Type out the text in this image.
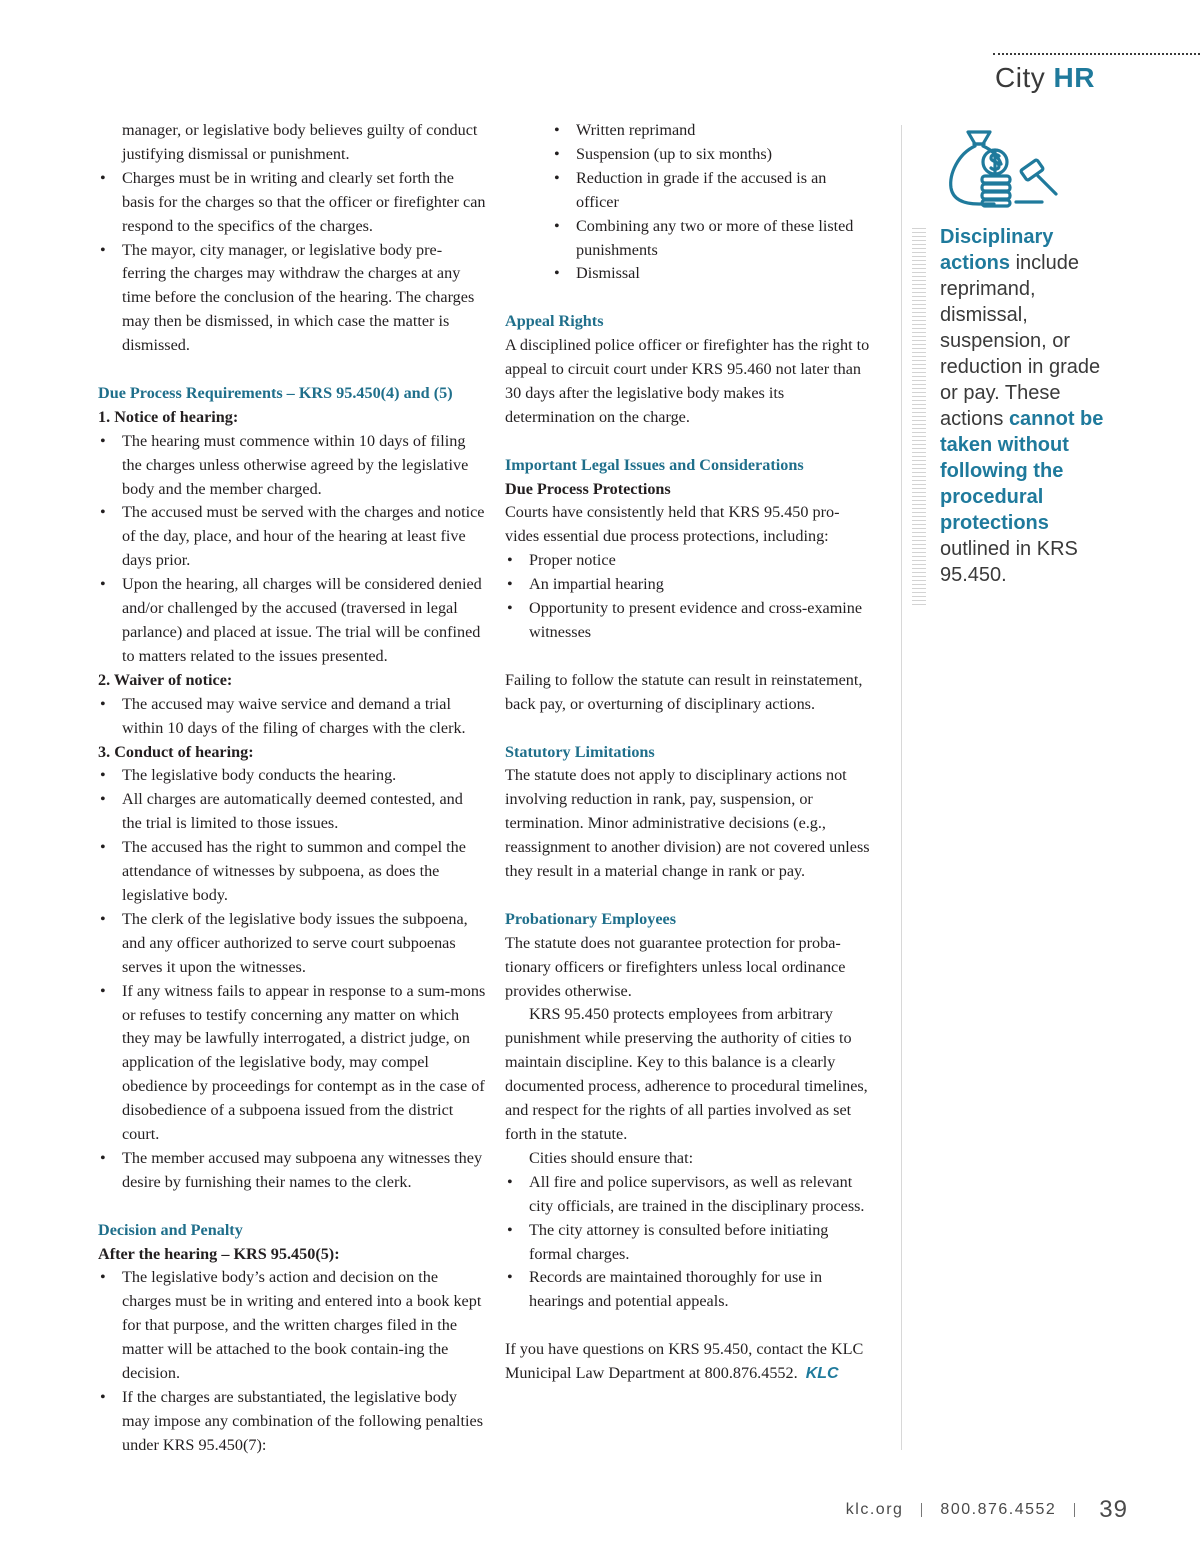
City HR

manager, or legislative body believes guilty of conduct justifying dismissal or punishment.

• Charges must be in writing and clearly set forth the basis for the charges so that the officer or firefighter can respond to the specifics of the charges.
• The mayor, city manager, or legislative body pre-ferring the charges may withdraw the charges at any time before the conclusion of the hearing. The charges may then be dismissed, in which case the matter is dismissed.

Due Process Requirements – KRS 95.450(4) and (5)

1. Notice of hearing:

• The hearing must commence within 10 days of filing the charges unless otherwise agreed by the legislative body and the member charged.
• The accused must be served with the charges and notice of the day, place, and hour of the hearing at least five days prior.
• Upon the hearing, all charges will be considered denied and/or challenged by the accused (traversed in legal parlance) and placed at issue. The trial will be confined to matters related to the issues presented.

2. Waiver of notice:

• The accused may waive service and demand a trial within 10 days of the filing of charges with the clerk.

3. Conduct of hearing:

• The legislative body conducts the hearing.
• All charges are automatically deemed contested, and the trial is limited to those issues.
• The accused has the right to summon and compel the attendance of witnesses by subpoena, as does the legislative body.
• The clerk of the legislative body issues the subpoena, and any officer authorized to serve court subpoenas serves it upon the witnesses.
• If any witness fails to appear in response to a sum-mons or refuses to testify concerning any matter on which they may be lawfully interrogated, a district judge, on application of the legislative body, may compel obedience by proceedings for contempt as in the case of disobedience of a subpoena issued from the district court.
• The member accused may subpoena any witnesses they desire by furnishing their names to the clerk.

Decision and Penalty

After the hearing – KRS 95.450(5):

• The legislative body’s action and decision on the charges must be in writing and entered into a book kept for that purpose, and the written charges filed in the matter will be attached to the book contain-ing the decision.
• If the charges are substantiated, the legislative body may impose any combination of the following penalties under KRS 95.450(7):
• Written reprimand
• Suspension (up to six months)
• Reduction in grade if the accused is an officer
• Combining any two or more of these listed punishments
• Dismissal

Appeal Rights

A disciplined police officer or firefighter has the right to appeal to circuit court under KRS 95.460 not later than 30 days after the legislative body makes its determination on the charge.

Important Legal Issues and Considerations

Due Process Protections

Courts have consistently held that KRS 95.450 pro-vides essential due process protections, including:

• Proper notice
• An impartial hearing
• Opportunity to present evidence and cross-examine witnesses

Failing to follow the statute can result in reinstatement, back pay, or overturning of disciplinary actions.

Statutory Limitations

The statute does not apply to disciplinary actions not involving reduction in rank, pay, suspension, or termination. Minor administrative decisions (e.g., reassignment to another division) are not covered unless they result in a material change in rank or pay.

Probationary Employees

The statute does not guarantee protection for proba-tionary officers or firefighters unless local ordinance provides otherwise.

KRS 95.450 protects employees from arbitrary punishment while preserving the authority of cities to maintain discipline. Key to this balance is a clearly documented process, adherence to procedural timelines, and respect for the rights of all parties involved as set forth in the statute.

Cities should ensure that:

• All fire and police supervisors, as well as relevant city officials, are trained in the disciplinary process.
• The city attorney is consulted before initiating formal charges.
• Records are maintained thoroughly for use in hearings and potential appeals.

If you have questions on KRS 95.450, contact the KLC Municipal Law Department at 800.876.4552. KLC

Disciplinary actions include reprimand, dismissal, suspension, or reduction in grade or pay. These actions cannot be taken without following the procedural protections outlined in KRS 95.450.
klc.org 800.876.4552 39
